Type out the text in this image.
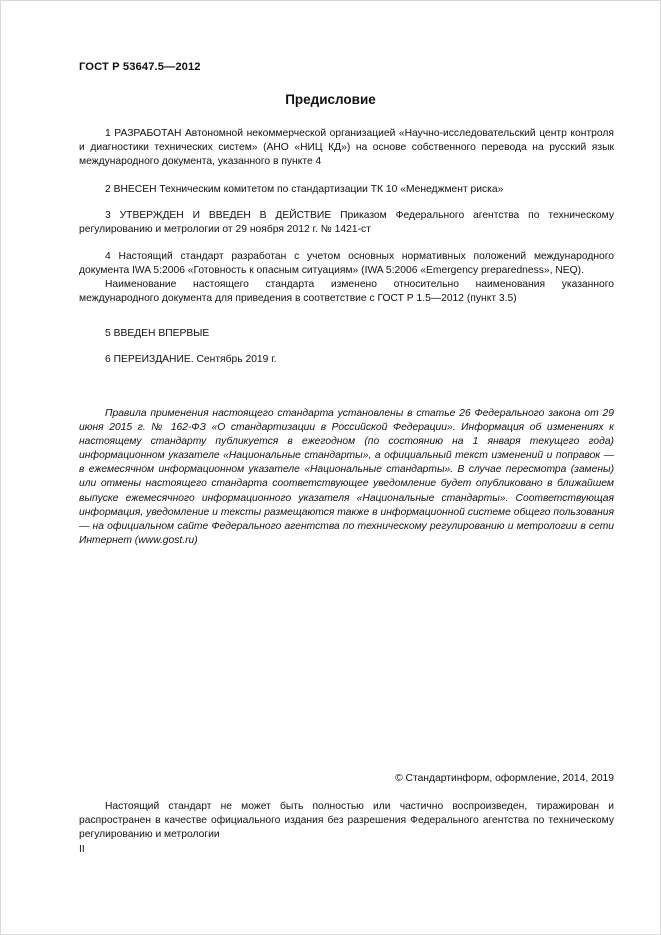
ГОСТ Р 53647.5—2012
Предисловие

1 РАЗРАБОТАН Автономной некоммерческой организацией «Научно-исследовательский центр контроля и диагностики технических систем» (АНО «НИЦ КД») на основе собственного перевода на русский язык международного документа, указанного в пункте 4

2 ВНЕСЕН Техническим комитетом по стандартизации ТК 10 «Менеджмент риска»

3 УТВЕРЖДЕН И ВВЕДЕН В ДЕЙСТВИЕ Приказом Федерального агентства по техническому регулированию и метрологии от 29 ноября 2012 г. № 1421-ст

4 Настоящий стандарт разработан с учетом основных нормативных положений международного документа IWA 5:2006 «Готовность к опасным ситуациям» (IWA 5:2006 «Emergency preparedness», NEQ).

Наименование настоящего стандарта изменено относительно наименования указанного международного документа для приведения в соответствие с ГОСТ Р 1.5—2012 (пункт 3.5)

5 ВВЕДЕН ВПЕРВЫЕ

6 ПЕРЕИЗДАНИЕ. Сентябрь 2019 г.

Правила применения настоящего стандарта установлены в статье 26 Федерального закона от 29 июня 2015 г. № 162-ФЗ «О стандартизации в Российской Федерации». Информация об изменениях к настоящему стандарту публикуется в ежегодном (по состоянию на 1 января текущего года) информационном указателе «Национальные стандарты», а официальный текст изменений и поправок — в ежемесячном информационном указателе «Национальные стандарты». В случае пересмотра (замены) или отмены настоящего стандарта соответствующее уведомление будет опубликовано в ближайшем выпуске ежемесячного информационного указателя «Национальные стандарты». Соответствующая информация, уведомление и тексты размещаются также в информационной системе общего пользования — на официальном сайте Федерального агентства по техническому регулированию и метрологии в сети Интернет (www.gost.ru)

© Стандартинформ, оформление, 2014, 2019

Настоящий стандарт не может быть полностью или частично воспроизведен, тиражирован и распространен в качестве официального издания без разрешения Федерального агентства по техническому регулированию и метрологии

II
